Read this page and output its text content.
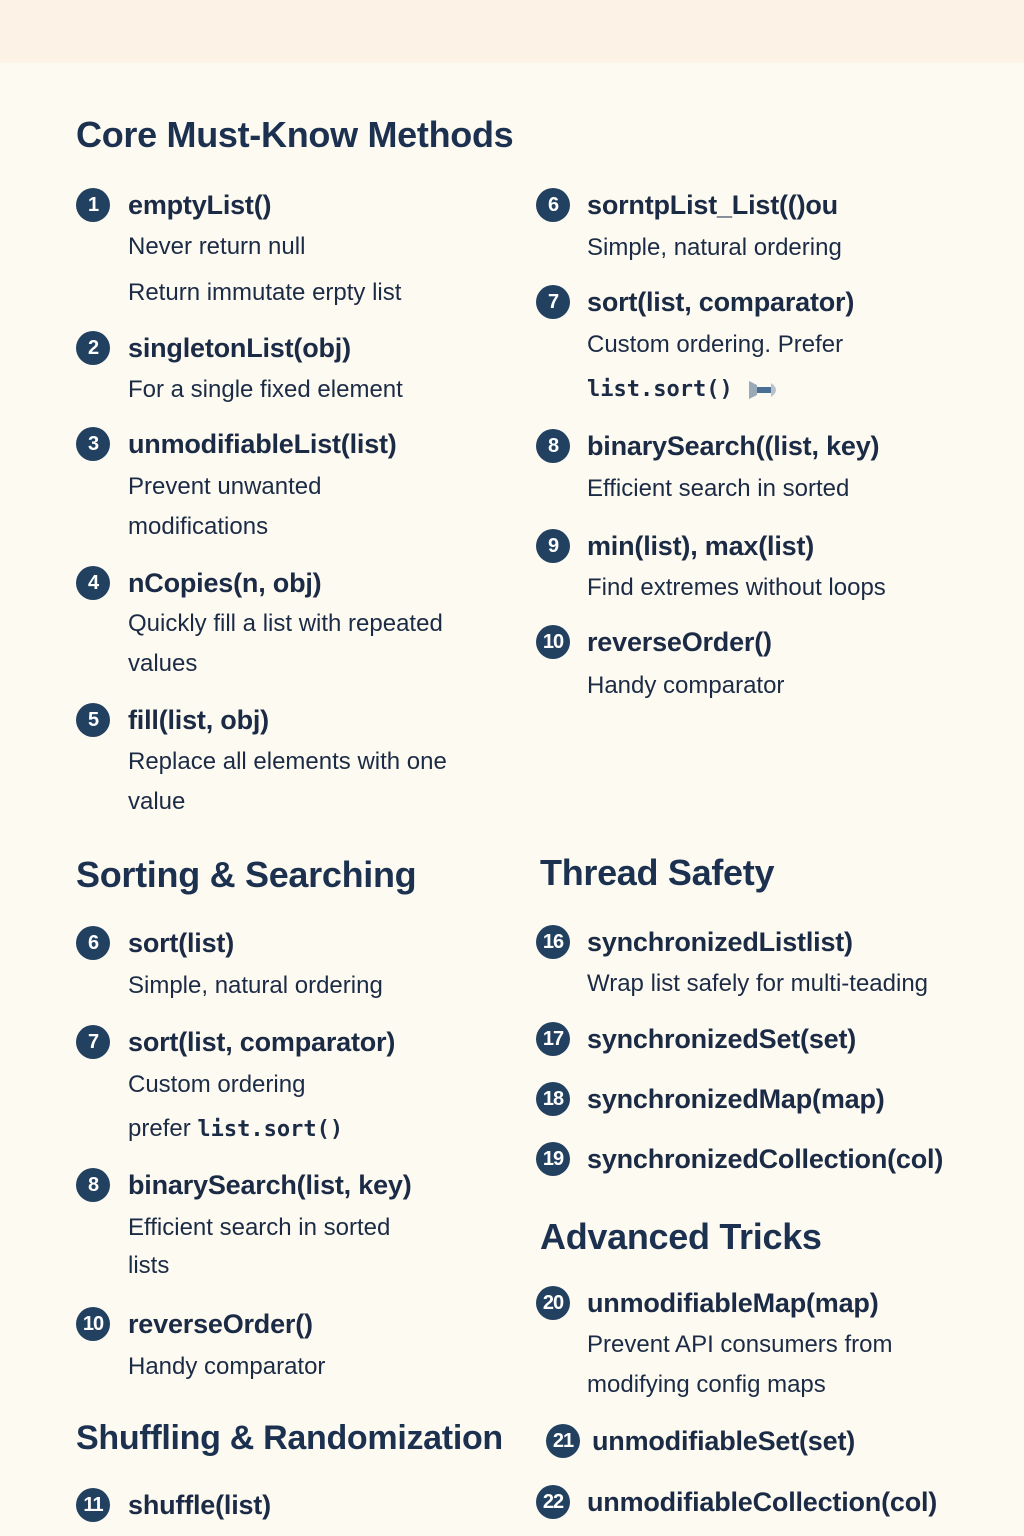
Core Must-Know Methods
1	emptyList()
Never return null
Return immutate erpty list
2	singletonList(obj)
For a single fixed element
3	unmodifiableList(list)
Prevent unwanted
modifications
4	nCopies(n, obj)
Quickly fill a list with repeated
values
5	fill(list, obj)
Replace all elements with one
value
6	sorntpList_List(()ou
Simple, natural ordering
7	sort(list, comparator)
Custom ordering. Prefer
list.sort()
8	binarySearch((list, key)
Efficient search in sorted
9	min(list), max(list)
Find extremes without loops
10 reverseOrder()
Handy comparator
Sorting & Searching
6	sort(list)
Simple, natural ordering
7	sort(list, comparator)
Custom ordering
prefer list.sort()
8	binarySearch(list, key)
Efficient search in sorted
lists
10 reverseOrder()
Handy comparator
Shuffling & Randomization
11 shuffle(list)
Thread Safety
16 synchronizedListlist)
Wrap list safely for multi-teading
17 synchronizedSet(set)
18 synchronizedMap(map)
19 synchronizedCollection(col)
Advanced Tricks
20 unmodifiableMap(map)
Prevent API consumers from
modifying config maps
21 unmodifiableSet(set)
22 unmodifiableCollection(col)
